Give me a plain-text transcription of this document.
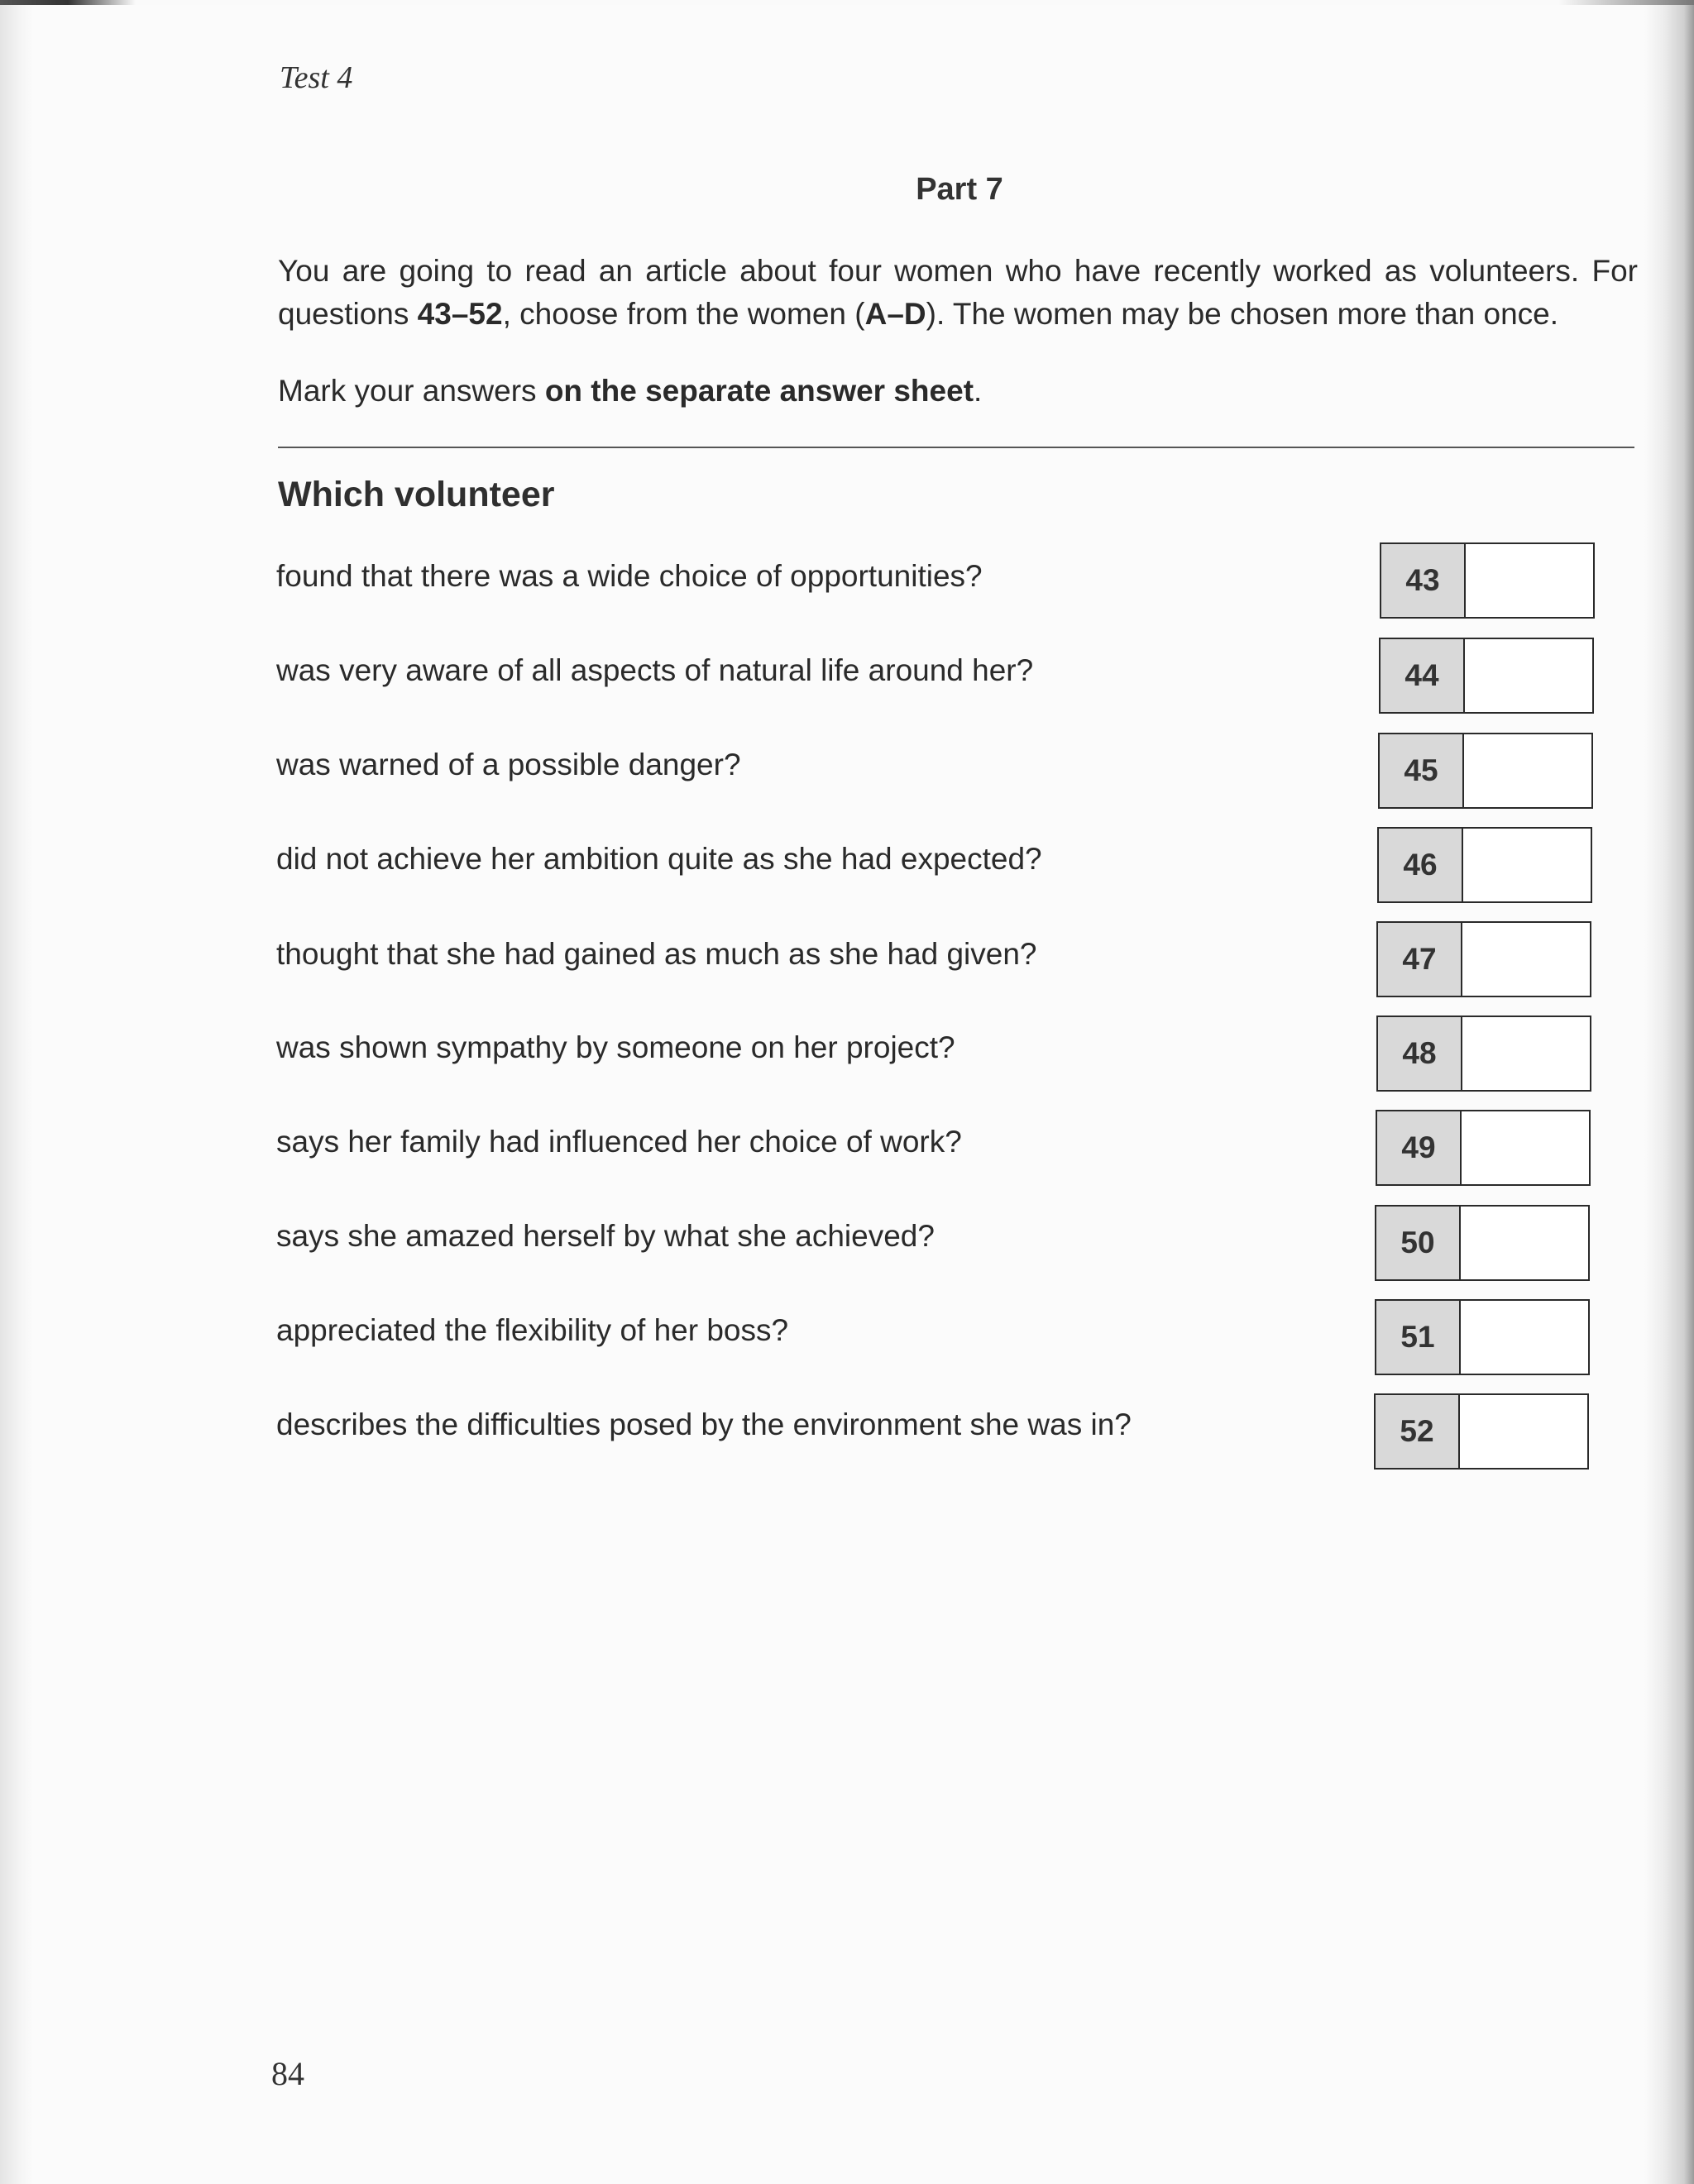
Test 4
Part 7
You are going to read an article about four women who have recently worked as volunteers. For questions 43–52, choose from the women (A–D). The women may be chosen more than once.
Mark your answers on the separate answer sheet.
Which volunteer
found that there was a wide choice of opportunities?	43
was very aware of all aspects of natural life around her?	44
was warned of a possible danger?	45
did not achieve her ambition quite as she had expected?	46
thought that she had gained as much as she had given?	47
was shown sympathy by someone on her project?	48
says her family had influenced her choice of work?	49
says she amazed herself by what she achieved?	50
appreciated the flexibility of her boss?	51
describes the difficulties posed by the environment she was in?	52
84
